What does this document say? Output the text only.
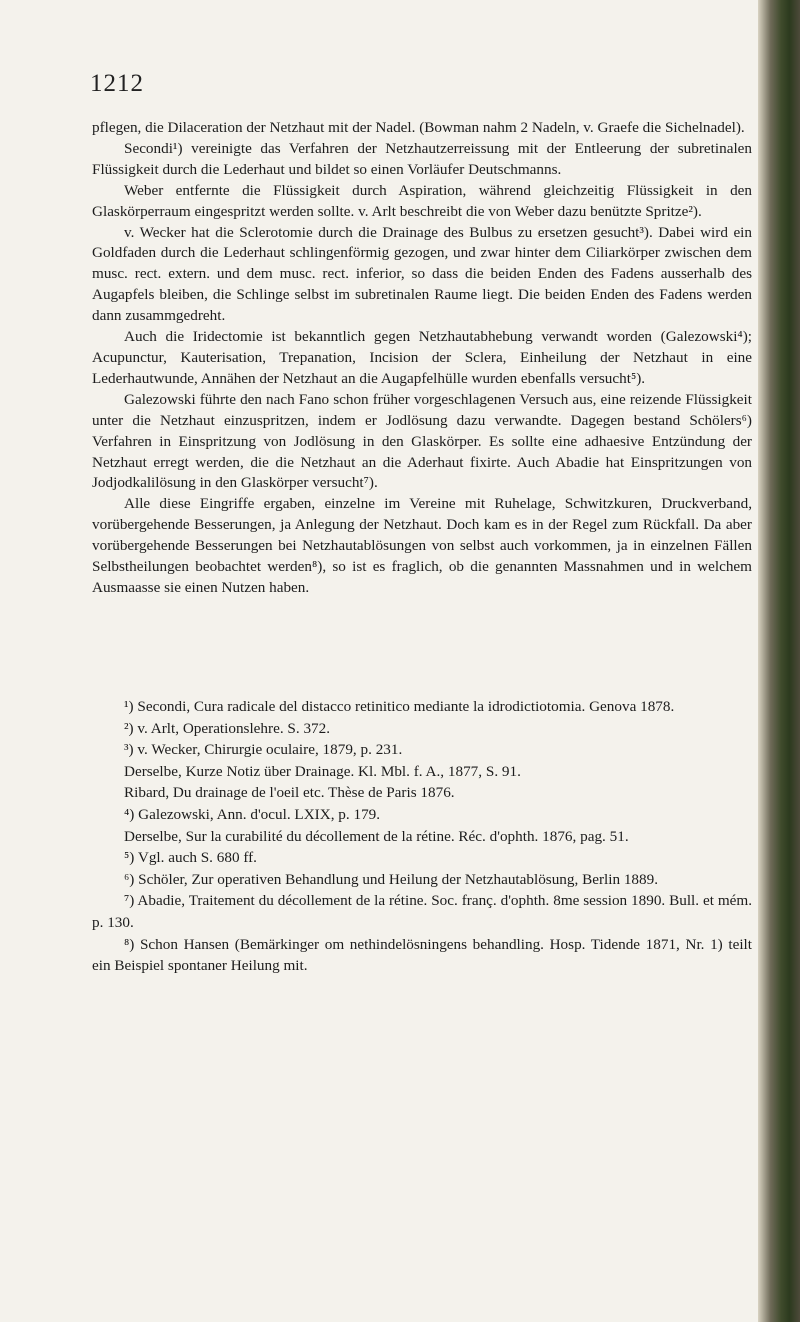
1212

pflegen, die Dilaceration der Netzhaut mit der Nadel. (Bowman nahm 2 Nadeln, v. Graefe die Sichelnadel).

Secondi¹) vereinigte das Verfahren der Netzhautzerreissung mit der Entleerung der subretinalen Flüssigkeit durch die Lederhaut und bildet so einen Vorläufer Deutschmanns.

Weber entfernte die Flüssigkeit durch Aspiration, während gleichzeitig Flüssigkeit in den Glaskörperraum eingespritzt werden sollte. v. Arlt beschreibt die von Weber dazu benützte Spritze²).

v. Wecker hat die Sclerotomie durch die Drainage des Bulbus zu ersetzen gesucht³). Dabei wird ein Goldfaden durch die Lederhaut schlingenförmig gezogen, und zwar hinter dem Ciliarkörper zwischen dem musc. rect. extern. und dem musc. rect. inferior, so dass die beiden Enden des Fadens ausserhalb des Augapfels bleiben, die Schlinge selbst im subretinalen Raume liegt. Die beiden Enden des Fadens werden dann zusammgedreht.

Auch die Iridectomie ist bekanntlich gegen Netzhautabhebung verwandt worden (Galezowski⁴); Acupunctur, Kauterisation, Trepanation, Incision der Sclera, Einheilung der Netzhaut in eine Lederhautwunde, Annähen der Netzhaut an die Augapfelhülle wurden ebenfalls versucht⁵).

Galezowski führte den nach Fano schon früher vorgeschlagenen Versuch aus, eine reizende Flüssigkeit unter die Netzhaut einzuspritzen, indem er Jodlösung dazu verwandte. Dagegen bestand Schölers⁶) Verfahren in Einspritzung von Jodlösung in den Glaskörper. Es sollte eine adhaesive Entzündung der Netzhaut erregt werden, die die Netzhaut an die Aderhaut fixirte. Auch Abadie hat Einspritzungen von Jodjodkalilösung in den Glaskörper versucht⁷).

Alle diese Eingriffe ergaben, einzelne im Vereine mit Ruhelage, Schwitzkuren, Druckverband, vorübergehende Besserungen, ja Anlegung der Netzhaut. Doch kam es in der Regel zum Rückfall. Da aber vorübergehende Besserungen bei Netzhautablösungen von selbst auch vorkommen, ja in einzelnen Fällen Selbstheilungen beobachtet werden⁸), so ist es fraglich, ob die genannten Massnahmen und in welchem Ausmaasse sie einen Nutzen haben.

¹) Secondi, Cura radicale del distacco retinitico mediante la idrodictiotomia. Genova 1878.

²) v. Arlt, Operationslehre. S. 372.

³) v. Wecker, Chirurgie oculaire, 1879, p. 231.

Derselbe, Kurze Notiz über Drainage. Kl. Mbl. f. A., 1877, S. 91.

Ribard, Du drainage de l'oeil etc. Thèse de Paris 1876.

⁴) Galezowski, Ann. d'ocul. LXIX, p. 179.

Derselbe, Sur la curabilité du décollement de la rétine. Réc. d'ophth. 1876, pag. 51.

⁵) Vgl. auch S. 680 ff.

⁶) Schöler, Zur operativen Behandlung und Heilung der Netzhautablösung, Berlin 1889.

⁷) Abadie, Traitement du décollement de la rétine. Soc. franç. d'ophth. 8me session 1890. Bull. et mém. p. 130.

⁸) Schon Hansen (Bemärkinger om nethindelösningens behandling. Hosp. Tidende 1871, Nr. 1) teilt ein Beispiel spontaner Heilung mit.
